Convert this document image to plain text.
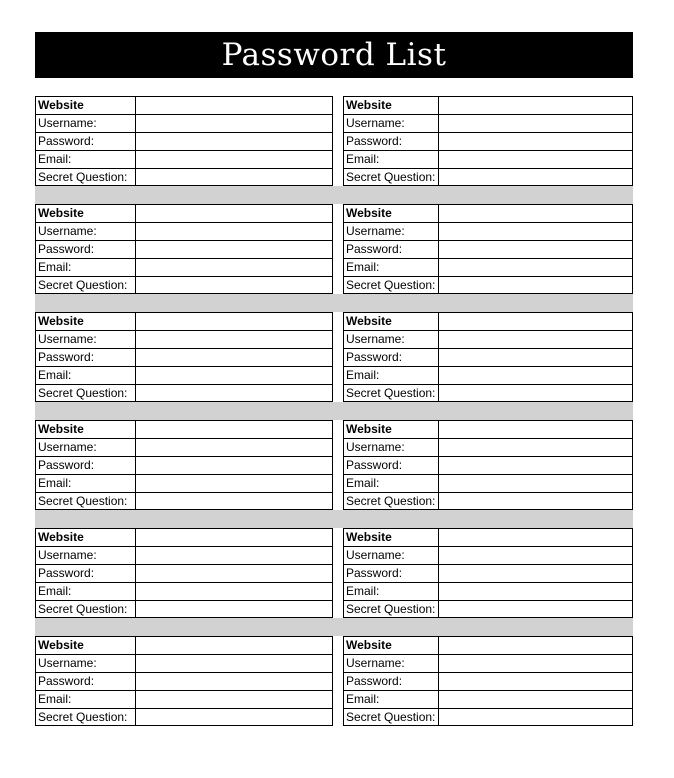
Password List
Website
Username:
Password:
Email:
Secret Question:
Website
Username:
Password:
Email:
Secret Question:
Website
Username:
Password:
Email:
Secret Question:
Website
Username:
Password:
Email:
Secret Question:
Website
Username:
Password:
Email:
Secret Question:
Website
Username:
Password:
Email:
Secret Question:
Website
Username:
Password:
Email:
Secret Question:
Website
Username:
Password:
Email:
Secret Question:
Website
Username:
Password:
Email:
Secret Question:
Website
Username:
Password:
Email:
Secret Question:
Website
Username:
Password:
Email:
Secret Question:
Website
Username:
Password:
Email:
Secret Question:
